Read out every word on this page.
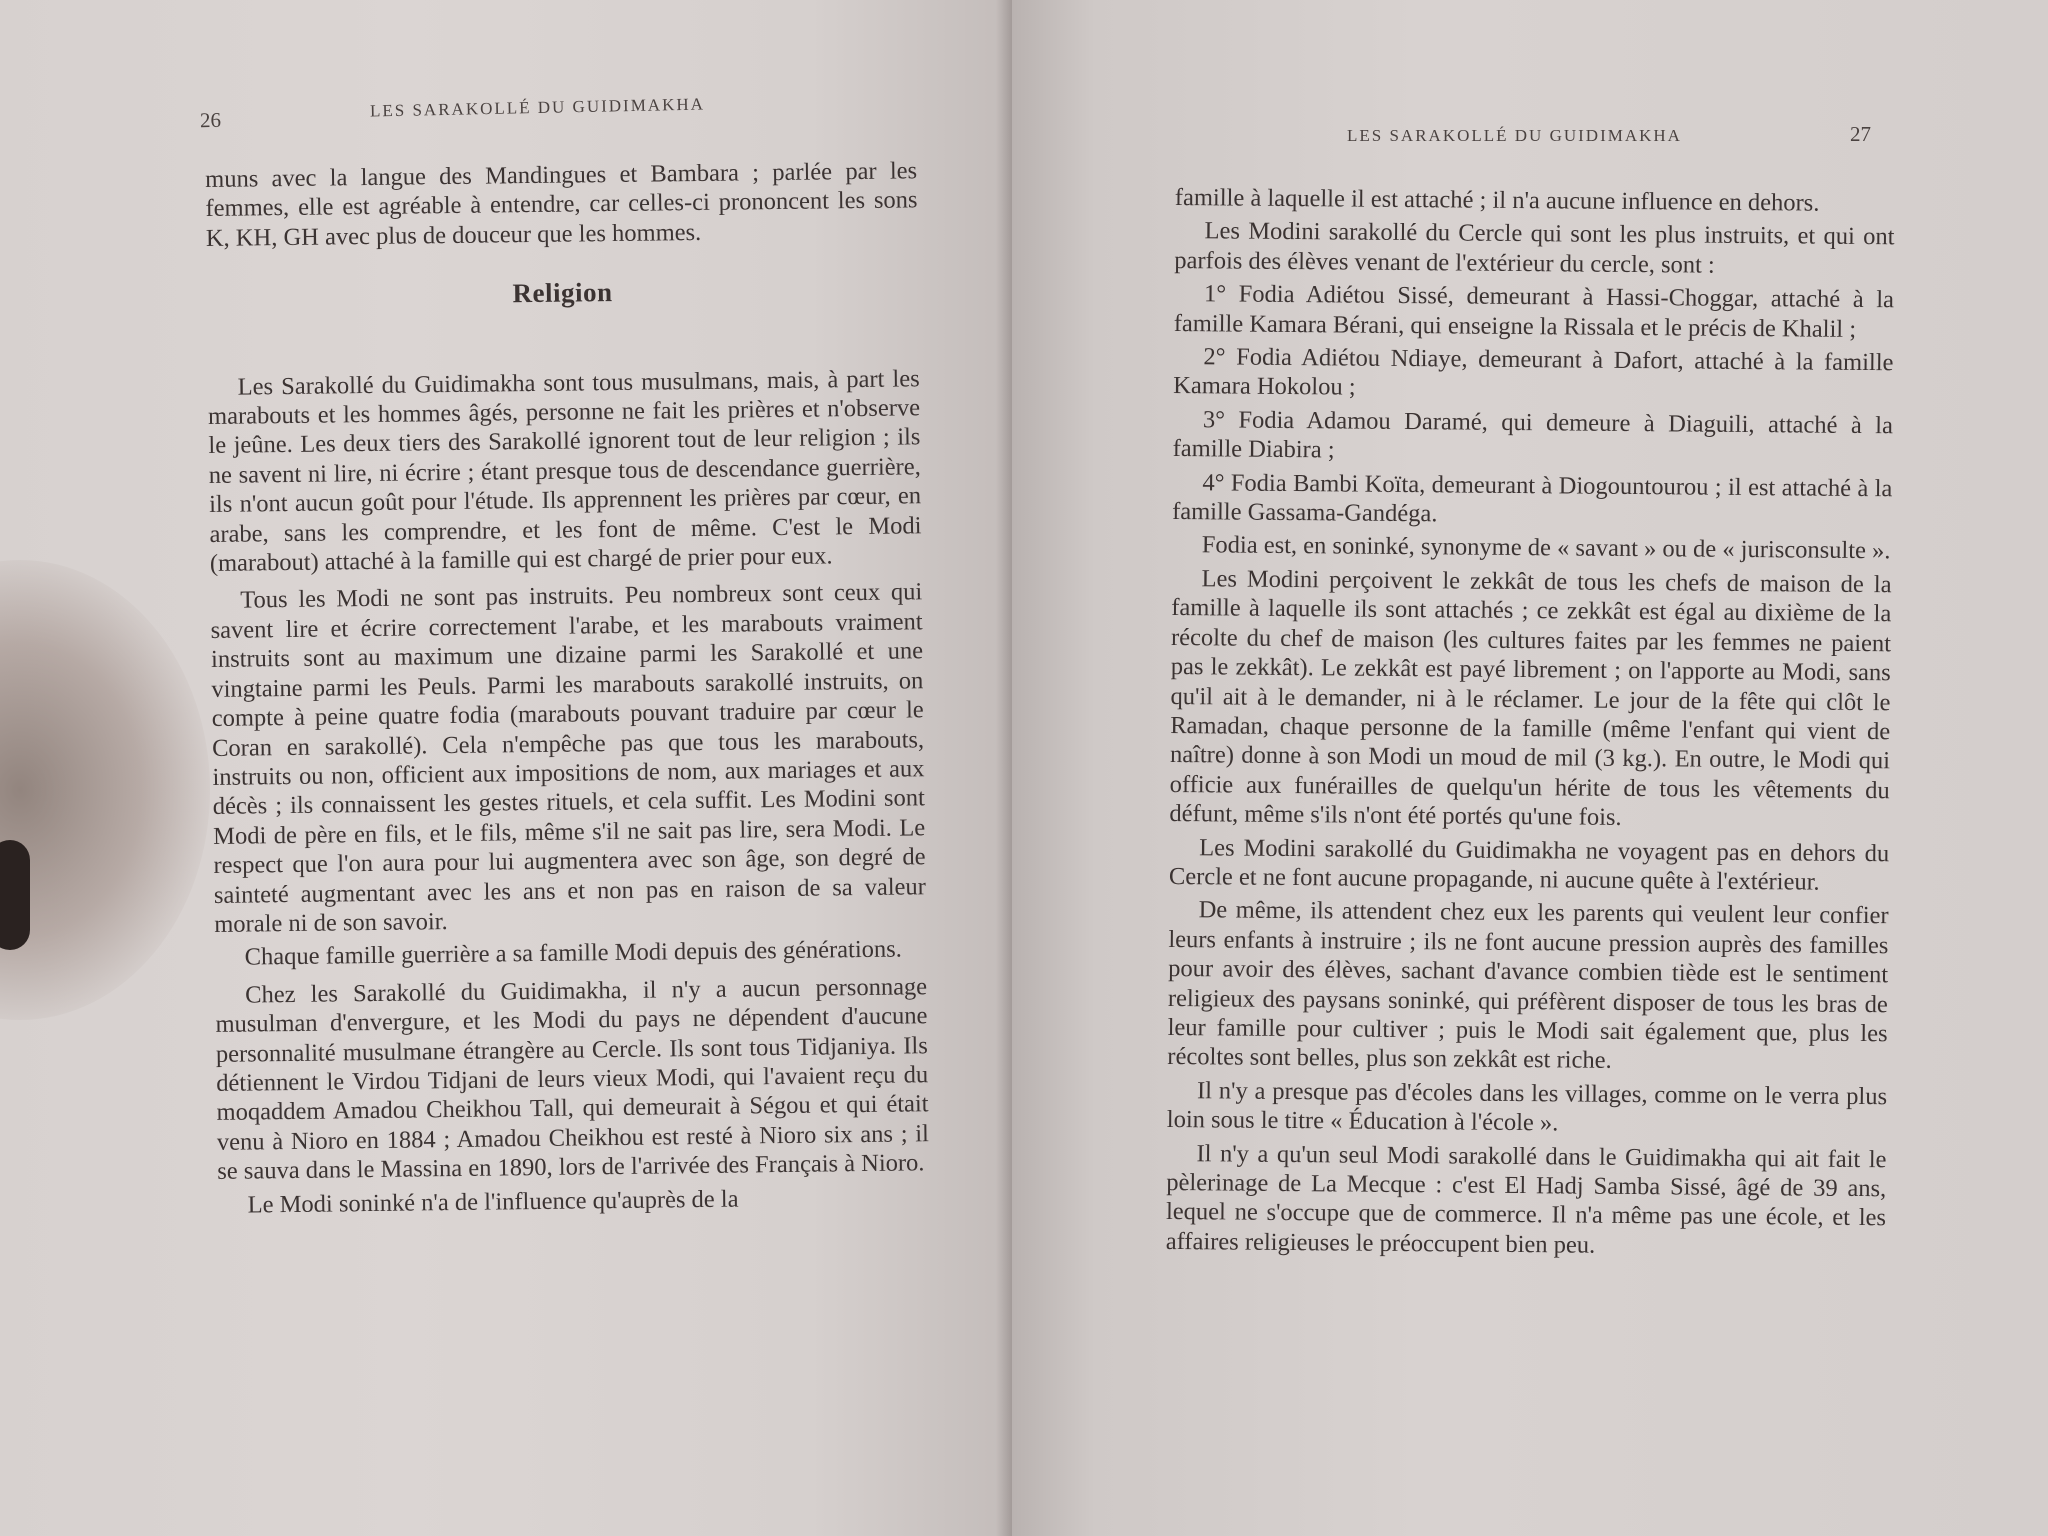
26	LES SARAKOLLÉ DU GUIDIMAKHA

muns avec la langue des Mandingues et Bambara ; parlée par les femmes, elle est agréable à entendre, car celles-ci prononcent les sons K, KH, GH avec plus de douceur que les hommes.

Religion

Les Sarakollé du Guidimakha sont tous musulmans, mais, à part les marabouts et les hommes âgés, personne ne fait les prières et n'observe le jeûne. Les deux tiers des Sarakollé ignorent tout de leur religion ; ils ne savent ni lire, ni écrire ; étant presque tous de descendance guerrière, ils n'ont aucun goût pour l'étude. Ils apprennent les prières par cœur, en arabe, sans les comprendre, et les font de même. C'est le Modi (marabout) attaché à la famille qui est chargé de prier pour eux.

Tous les Modi ne sont pas instruits. Peu nombreux sont ceux qui savent lire et écrire correctement l'arabe, et les marabouts vraiment instruits sont au maximum une dizaine parmi les Sarakollé et une vingtaine parmi les Peuls. Parmi les marabouts sarakollé instruits, on compte à peine quatre fodia (marabouts pouvant traduire par cœur le Coran en sarakollé). Cela n'empêche pas que tous les marabouts, instruits ou non, officient aux impositions de nom, aux mariages et aux décès ; ils connaissent les gestes rituels, et cela suffit. Les Modini sont Modi de père en fils, et le fils, même s'il ne sait pas lire, sera Modi. Le respect que l'on aura pour lui augmentera avec son âge, son degré de sainteté augmentant avec les ans et non pas en raison de sa valeur morale ni de son savoir.

Chaque famille guerrière a sa famille Modi depuis des générations.

Chez les Sarakollé du Guidimakha, il n'y a aucun personnage musulman d'envergure, et les Modi du pays ne dépendent d'aucune personnalité musulmane étrangère au Cercle. Ils sont tous Tidjaniya. Ils détiennent le Virdou Tidjani de leurs vieux Modi, qui l'avaient reçu du moqaddem Amadou Cheikhou Tall, qui demeurait à Ségou et qui était venu à Nioro en 1884 ; Amadou Cheikhou est resté à Nioro six ans ; il se sauva dans le Massina en 1890, lors de l'arrivée des Français à Nioro.

Le Modi soninké n'a de l'influence qu'auprès de la

LES SARAKOLLÉ DU GUIDIMAKHA	27

famille à laquelle il est attaché ; il n'a aucune influence en dehors.

Les Modini sarakollé du Cercle qui sont les plus instruits, et qui ont parfois des élèves venant de l'extérieur du cercle, sont :

1° Fodia Adiétou Sissé, demeurant à Hassi-Choggar, attaché à la famille Kamara Bérani, qui enseigne la Rissala et le précis de Khalil ;

2° Fodia Adiétou Ndiaye, demeurant à Dafort, attaché à la famille Kamara Hokolou ;

3° Fodia Adamou Daramé, qui demeure à Diaguili, attaché à la famille Diabira ;

4° Fodia Bambi Koïta, demeurant à Diogountourou ; il est attaché à la famille Gassama-Gandéga.

Fodia est, en soninké, synonyme de « savant » ou de « jurisconsulte ».

Les Modini perçoivent le zekkât de tous les chefs de maison de la famille à laquelle ils sont attachés ; ce zekkât est égal au dixième de la récolte du chef de maison (les cultures faites par les femmes ne paient pas le zekkât). Le zekkât est payé librement ; on l'apporte au Modi, sans qu'il ait à le demander, ni à le réclamer. Le jour de la fête qui clôt le Ramadan, chaque personne de la famille (même l'enfant qui vient de naître) donne à son Modi un moud de mil (3 kg.). En outre, le Modi qui officie aux funérailles de quelqu'un hérite de tous les vêtements du défunt, même s'ils n'ont été portés qu'une fois.

Les Modini sarakollé du Guidimakha ne voyagent pas en dehors du Cercle et ne font aucune propagande, ni aucune quête à l'extérieur.

De même, ils attendent chez eux les parents qui veulent leur confier leurs enfants à instruire ; ils ne font aucune pression auprès des familles pour avoir des élèves, sachant d'avance combien tiède est le sentiment religieux des paysans soninké, qui préfèrent disposer de tous les bras de leur famille pour cultiver ; puis le Modi sait également que, plus les récoltes sont belles, plus son zekkât est riche.

Il n'y a presque pas d'écoles dans les villages, comme on le verra plus loin sous le titre « Éducation à l'école ».

Il n'y a qu'un seul Modi sarakollé dans le Guidimakha qui ait fait le pèlerinage de La Mecque : c'est El Hadj Samba Sissé, âgé de 39 ans, lequel ne s'occupe que de commerce. Il n'a même pas une école, et les affaires religieuses le préoccupent bien peu.
